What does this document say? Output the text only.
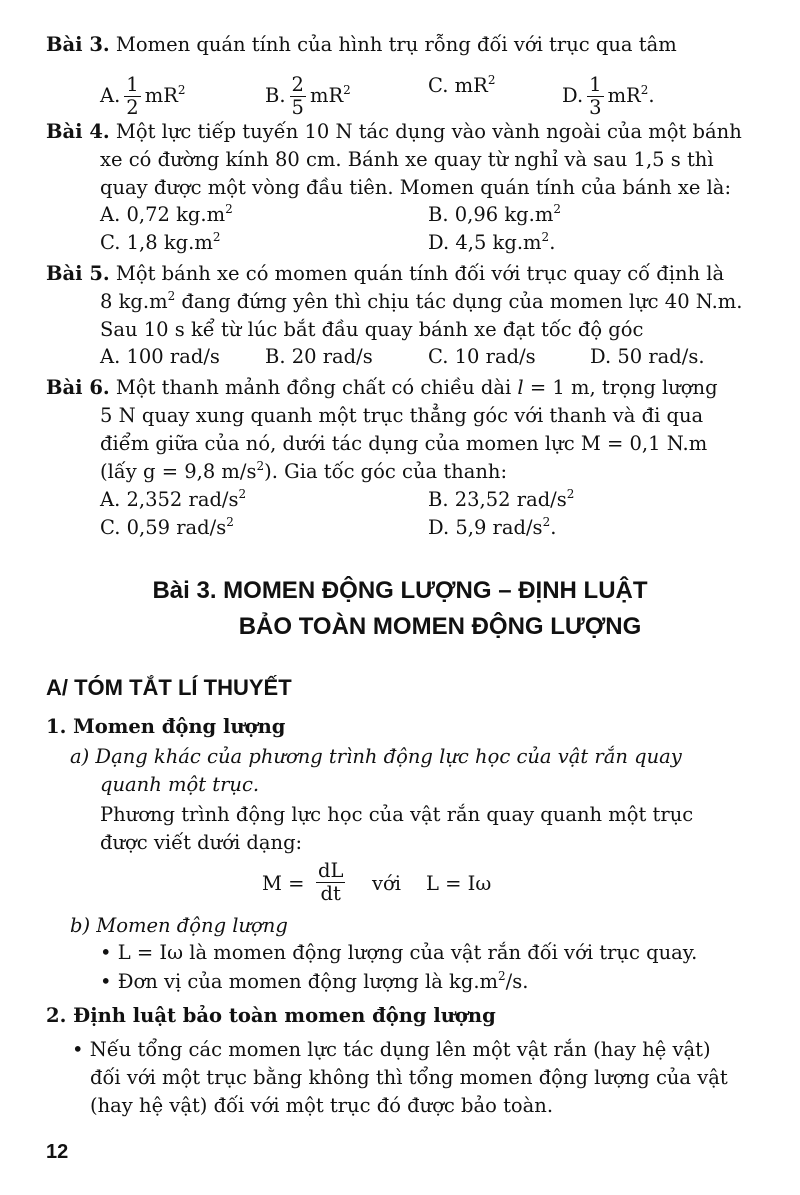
Bài 3. Momen quán tính của hình trụ rỗng đối với trục qua tâm
A. $\frac{1}{2} mR^2$	B. $\frac{2}{5} mR^2$	C. $mR^2$
D. $\frac{1}{3} mR^2$.
Bài 4. Một lực tiếp tuyến 10 N tác dụng vào vành ngoài của một bánh
xe có đường kính 80 cm. Bánh xe quay từ nghỉ và sau 1,5 s thì
quay được một vòng đầu tiên. Momen quán tính của bánh xe là:
A. 0,72 $kg.m^2$	B. 0,96 $kg.m^2$
C. 1,8 $kg.m^2$	D. 4,5 $kg.m^2$.
Bài 5. Một bánh xe có momen quán tính đối với trục quay cố định là
8 $kg.m^2$ đang đứng yên thì chịu tác dụng của momen lực 40 N.m.
Sau 10 s kể từ lúc bắt đầu quay bánh xe đạt tốc độ góc
A. 100 rad/s B. 20 rad/s	C. 10 rad/s	D. 50 rad/s.
Bài 6. Một thanh mảnh đồng chất có chiều dài l = 1 m, trọng lượng
5 N quay xung quanh một trục thẳng góc với thanh và đi qua
điểm giữa của nó, dưới tác dụng của momen lực M = 0,1 N.m
(lấy g = 9,8 $m/s^2$). Gia tốc góc của thanh:
A. 2,352 rad/$s^2$	B. 23,52 rad/$s^2$
C. 0,59 rad/$s^2$	D. 5,9 rad/$s^2$.
Bài 3. MOMEN ĐỘNG LƯỢNG – ĐỊNH LUẬT
BẢO TOÀN MOMEN ĐỘNG LƯỢNG
A/ TÓM TẮT LÍ THUYẾT
1. Momen động lượng
a) Dạng khác của phương trình động lực học của vật rắn quay
quanh một trục.
Phương trình động lực học của vật rắn quay quanh một trục
được viết dưới dạng:
$M = \frac{dL}{dt}$ với L = Iω
b) Momen động lượng
• L = Iω là momen động lượng của vật rắn đối với trục quay.
• Đơn vị của momen động lượng là $kg.m^2/s$.
2. Định luật bảo toàn momen động lượng
• Nếu tổng các momen lực tác dụng lên một vật rắn (hay hệ vật)
đối với một trục bằng không thì tổng momen động lượng của vật
(hay hệ vật) đối với một trục đó được bảo toàn.
12
